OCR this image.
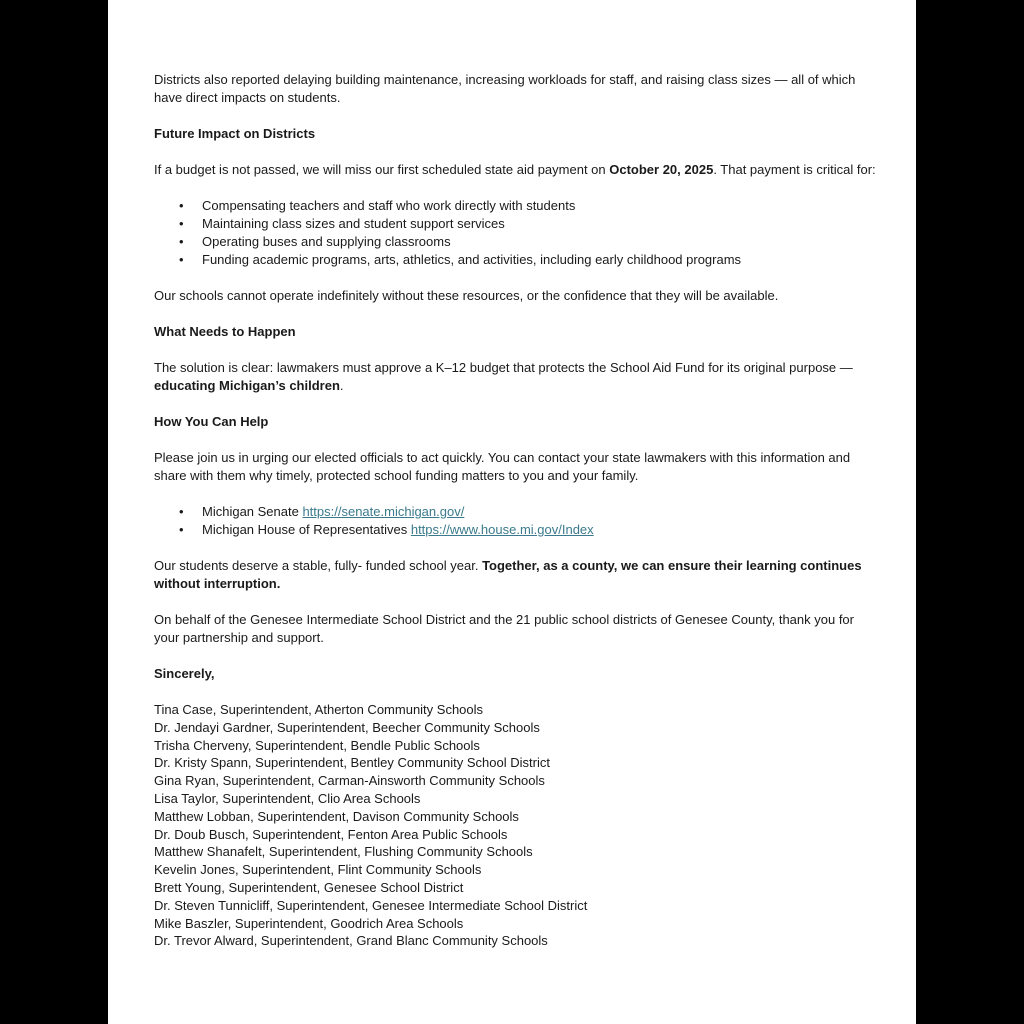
Districts also reported delaying building maintenance, increasing workloads for staff, and raising class sizes — all of which have direct impacts on students.

Future Impact on Districts

If a budget is not passed, we will miss our first scheduled state aid payment on October 20, 2025. That payment is critical for:

• Compensating teachers and staff who work directly with students
• Maintaining class sizes and student support services
• Operating buses and supplying classrooms
• Funding academic programs, arts, athletics, and activities, including early childhood programs

Our schools cannot operate indefinitely without these resources, or the confidence that they will be available.

What Needs to Happen

The solution is clear: lawmakers must approve a K–12 budget that protects the School Aid Fund for its original purpose — educating Michigan’s children.

How You Can Help

Please join us in urging our elected officials to act quickly. You can contact your state lawmakers with this information and share with them why timely, protected school funding matters to you and your family.

• Michigan Senate https://senate.michigan.gov/
• Michigan House of Representatives https://www.house.mi.gov/Index

Our students deserve a stable, fully- funded school year. Together, as a county, we can ensure their learning continues without interruption.

On behalf of the Genesee Intermediate School District and the 21 public school districts of Genesee County, thank you for your partnership and support.

Sincerely,
Tina Case, Superintendent, Atherton Community Schools
Dr. Jendayi Gardner, Superintendent, Beecher Community Schools
Trisha Cherveny, Superintendent, Bendle Public Schools
Dr. Kristy Spann, Superintendent, Bentley Community School District
Gina Ryan, Superintendent, Carman-Ainsworth Community Schools
Lisa Taylor, Superintendent, Clio Area Schools
Matthew Lobban, Superintendent, Davison Community Schools
Dr. Doub Busch, Superintendent, Fenton Area Public Schools
Matthew Shanafelt, Superintendent, Flushing Community Schools
Kevelin Jones, Superintendent, Flint Community Schools
Brett Young, Superintendent, Genesee School District
Dr. Steven Tunnicliff, Superintendent, Genesee Intermediate School District
Mike Baszler, Superintendent, Goodrich Area Schools
Dr. Trevor Alward, Superintendent, Grand Blanc Community Schools
